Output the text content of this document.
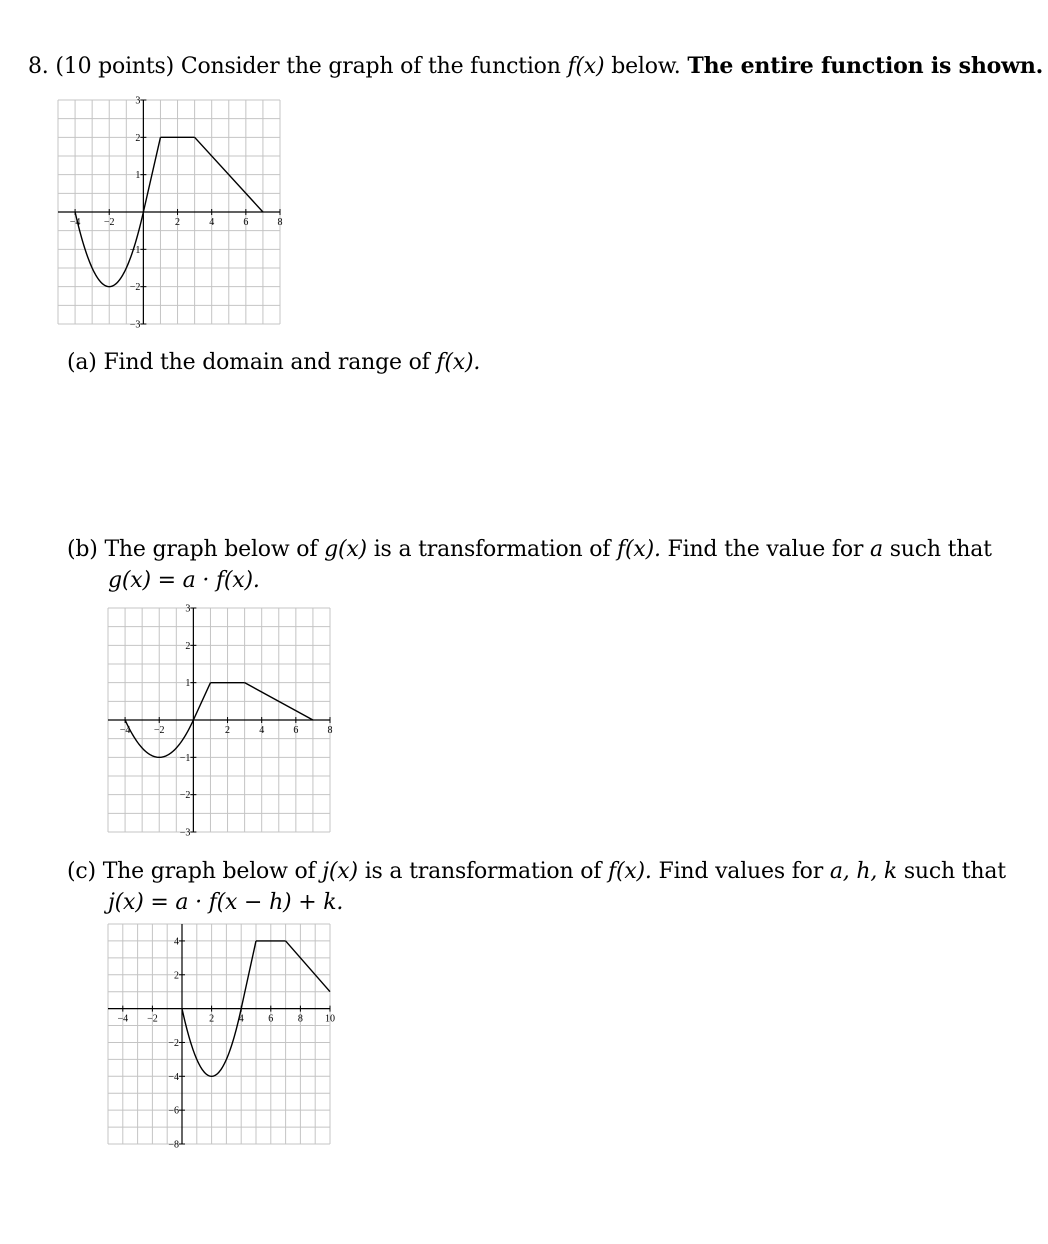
8. (10 points) Consider the graph of the function f(x) below. The entire function is shown.
−4 −2	2	4	6	8
3
2
1
−1
−2
−3
(a) Find the domain and range of f(x).
(b) The graph below of g(x) is a transformation of f(x). Find the value for a such that
g(x) = a · f(x).
−4 −2	2	4	6	8
3
2
1
−1
−2
−3
(c) The graph below of j(x) is a transformation of f(x). Find values for a, h, k such that
j(x) = a · f(x − h) + k.
−4 −2	2 4 6 8 10
4
2
−2
−4
−6
−8
